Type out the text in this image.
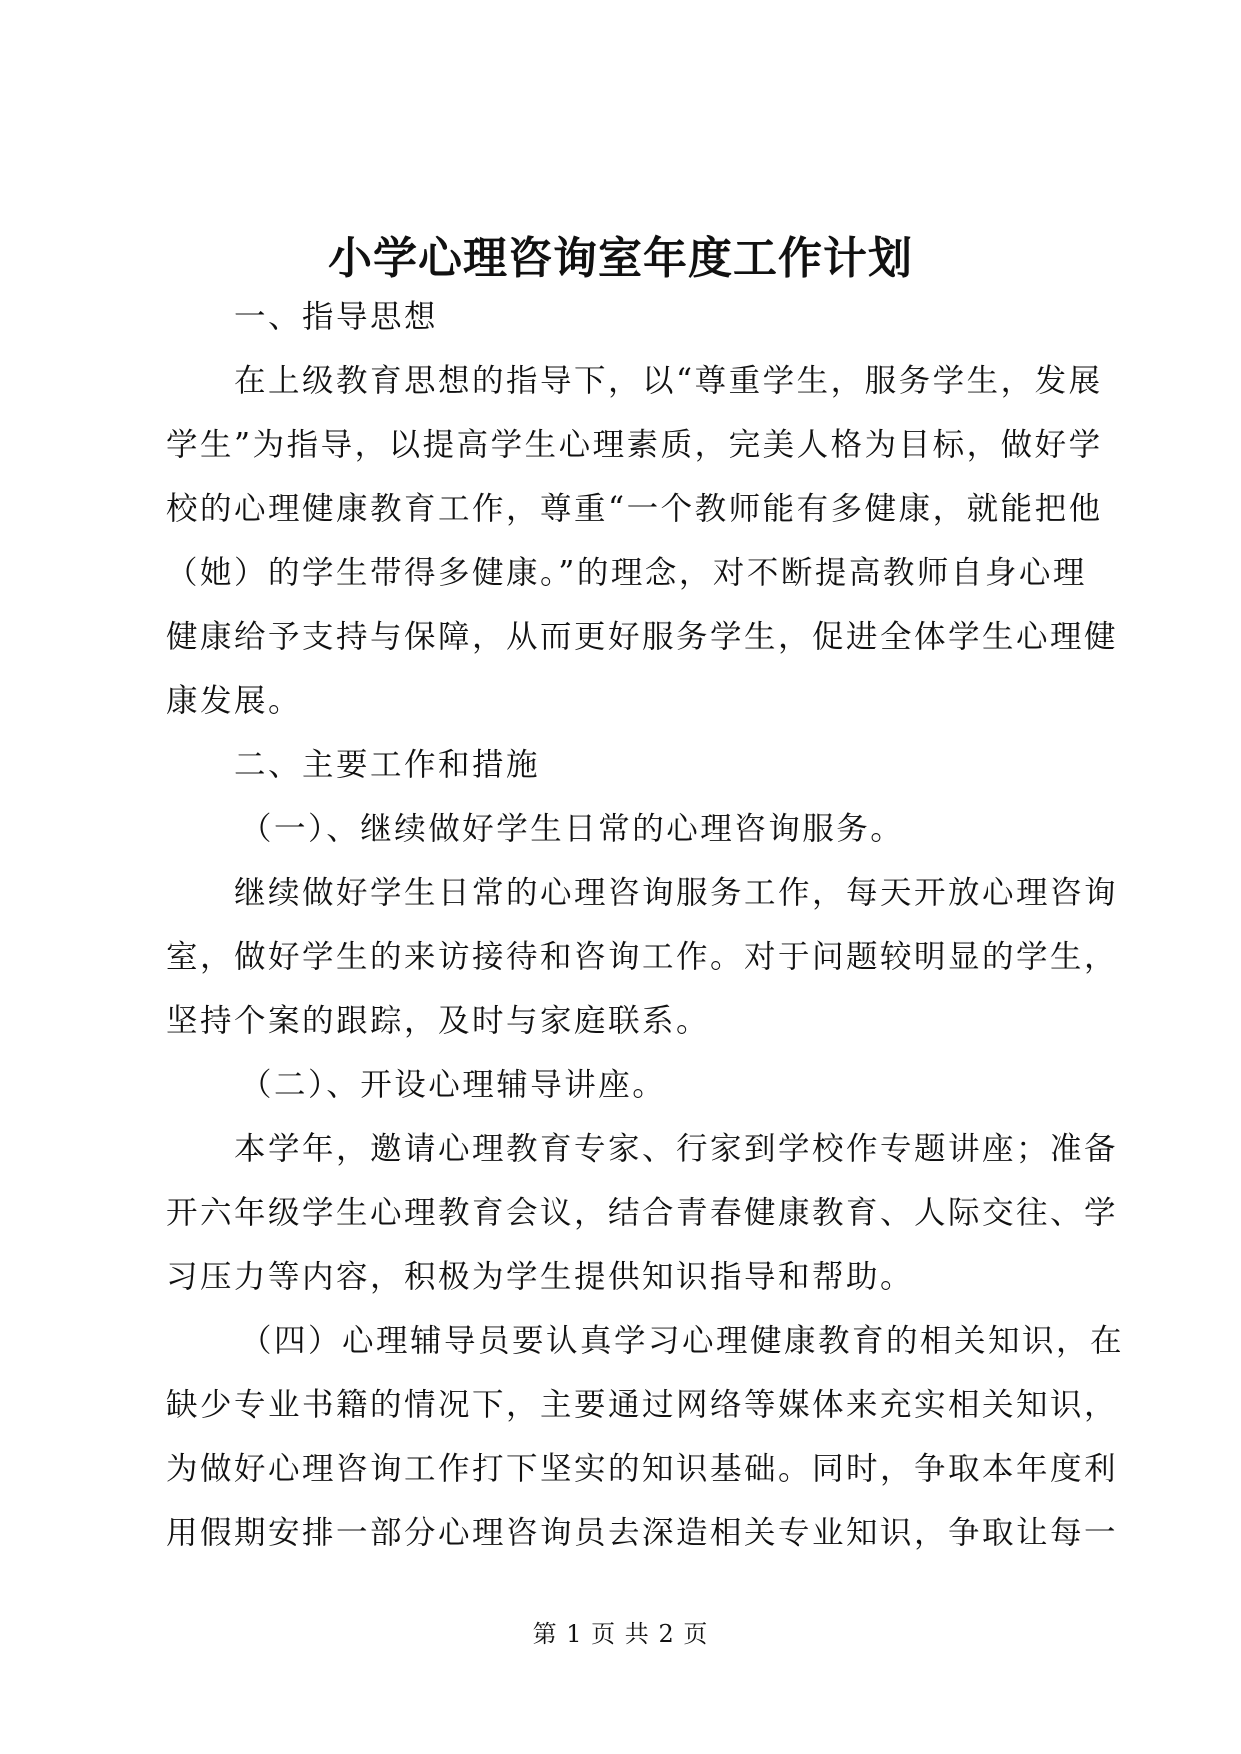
小学心理咨询室年度工作计划
一、指导思想
在上级教育思想的指导下，以“尊重学生，服务学生，发展
学生”为指导，以提高学生心理素质，完美人格为目标，做好学
校的心理健康教育工作，尊重“一个教师能有多健康，就能把他
（她）的学生带得多健康。”的理念，对不断提高教师自身心理
健康给予支持与保障，从而更好服务学生，促进全体学生心理健
康发展。
二、主要工作和措施
（一）、继续做好学生日常的心理咨询服务。
继续做好学生日常的心理咨询服务工作，每天开放心理咨询
室，做好学生的来访接待和咨询工作。对于问题较明显的学生，
坚持个案的跟踪，及时与家庭联系。
（二）、开设心理辅导讲座。
本学年，邀请心理教育专家、行家到学校作专题讲座；准备
开六年级学生心理教育会议，结合青春健康教育、人际交往、学
习压力等内容，积极为学生提供知识指导和帮助。
（四）心理辅导员要认真学习心理健康教育的相关知识，在
缺少专业书籍的情况下，主要通过网络等媒体来充实相关知识，
为做好心理咨询工作打下坚实的知识基础。同时，争取本年度利
用假期安排一部分心理咨询员去深造相关专业知识，争取让每一
第 1 页 共 2 页
